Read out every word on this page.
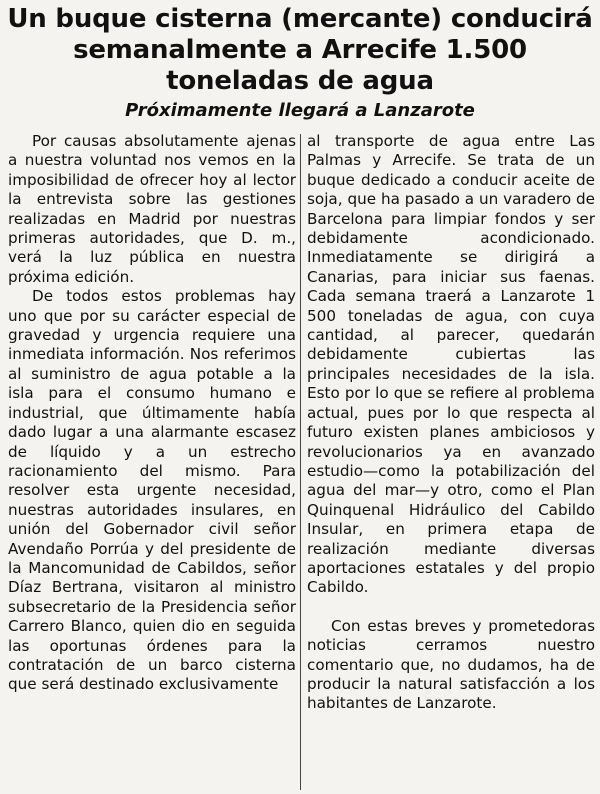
Un buque cisterna (mercante) conducirá semanalmente a Arrecife 1.500 toneladas de agua
Próximamente llegará a Lanzarote

Por causas absolutamente ajenas a nuestra voluntad nos vemos en la imposibilidad de ofrecer hoy al lector la entrevista sobre las gestiones realizadas en Madrid por nuestras primeras autoridades, que D. m., verá la luz pública en nuestra próxima edición.

De todos estos problemas hay uno que por su carácter especial de gravedad y urgencia requiere una inmediata información. Nos referimos al suministro de agua potable a la isla para el consumo humano e industrial, que últimamente había dado lugar a una alarmante escasez de líquido y a un estrecho racionamiento del mismo. Para resolver esta urgente necesidad, nuestras autoridades insulares, en unión del Gobernador civil señor Avendaño Porrúa y del presidente de la Mancomunidad de Cabildos, señor Díaz Bertrana, visitaron al ministro subsecretario de la Presidencia señor Carrero Blanco, quien dio en seguida las oportunas órdenes para la contratación de un barco cisterna que será destinado exclusivamente

al transporte de agua entre Las Palmas y Arrecife. Se trata de un buque dedicado a conducir aceite de soja, que ha pasado a un varadero de Barcelona para limpiar fondos y ser debidamente acondicionado. Inmediatamente se dirigirá a Canarias, para iniciar sus faenas. Cada semana traerá a Lanzarote 1 500 toneladas de agua, con cuya cantidad, al parecer, quedarán debidamente cubiertas las principales necesidades de la isla. Esto por lo que se refiere al problema actual, pues por lo que respecta al futuro existen planes ambiciosos y revolucionarios ya en avanzado estudio—como la potabilización del agua del mar—y otro, como el Plan Quinquenal Hidráulico del Cabildo Insular, en primera etapa de realización mediante diversas aportaciones estatales y del propio Cabildo.

Con estas breves y prometedoras noticias cerramos nuestro comentario que, no dudamos, ha de producir la natural satisfacción a los habitantes de Lanzarote.
